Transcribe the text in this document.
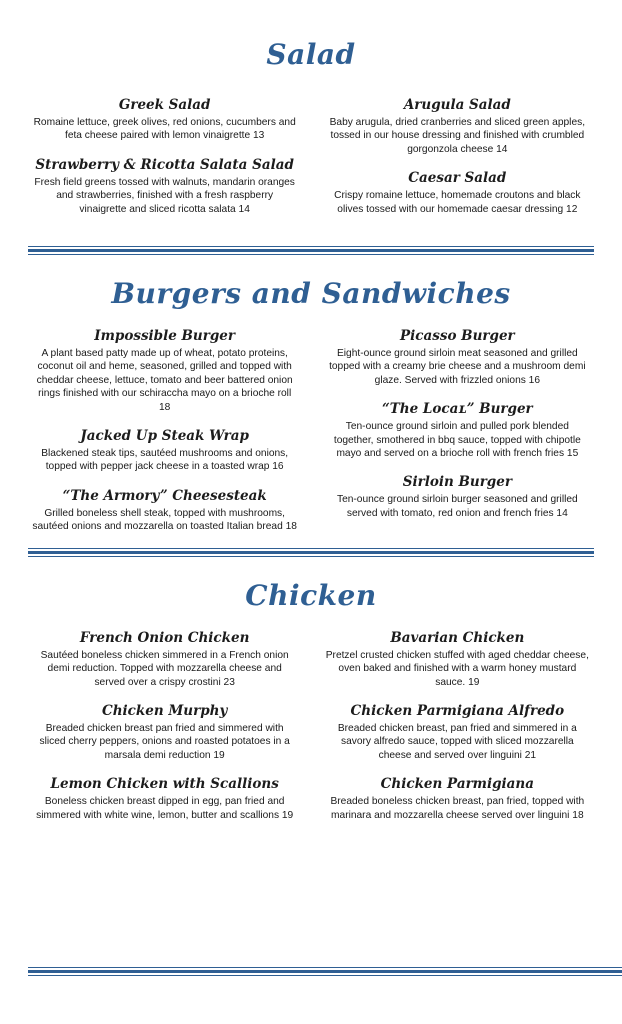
Salad

Greek Salad

Romaine lettuce, greek olives, red onions, cucumbers and feta cheese paired with lemon vinaigrette 13

Strawberry & Ricotta Salata Salad

Fresh field greens tossed with walnuts, mandarin oranges and strawberries, finished with a fresh raspberry vinaigrette and sliced ricotta salata 14

Arugula Salad

Baby arugula, dried cranberries and sliced green apples, tossed in our house dressing and finished with crumbled gorgonzola cheese 14

Caesar Salad

Crispy romaine lettuce, homemade croutons and black olives tossed with our homemade caesar dressing 12

Burgers and Sandwiches

Impossible Burger

A plant based patty made up of wheat, potato proteins, coconut oil and heme, seasoned, grilled and topped with cheddar cheese, lettuce, tomato and beer battered onion rings finished with our schiraccha mayo on a brioche roll 18

Jacked Up Steak Wrap

Blackened steak tips, sautéed mushrooms and onions, topped with pepper jack cheese in a toasted wrap 16

“The Armory” Cheesesteak

Grilled boneless shell steak, topped with mushrooms, sautéed onions and mozzarella on toasted Italian bread 18

Picasso Burger

Eight-ounce ground sirloin meat seasoned and grilled topped with a creamy brie cheese and a mushroom demi glaze. Served with frizzled onions 16

“The Locaʟ” Burger

Ten-ounce ground sirloin and pulled pork blended together, smothered in bbq sauce, topped with chipotle mayo and served on a brioche roll with french fries 15

Sirloin Burger

Ten-ounce ground sirloin burger seasoned and grilled served with tomato, red onion and french fries 14

Chicken

French Onion Chicken

Sautéed boneless chicken simmered in a French onion demi reduction. Topped with mozzarella cheese and served over a crispy crostini 23

Chicken Murphy

Breaded chicken breast pan fried and simmered with sliced cherry peppers, onions and roasted potatoes in a marsala demi reduction 19

Lemon Chicken with Scallions

Boneless chicken breast dipped in egg, pan fried and simmered with white wine, lemon, butter and scallions 19

Bavarian Chicken

Pretzel crusted chicken stuffed with aged cheddar cheese, oven baked and finished with a warm honey mustard sauce. 19

Chicken Parmigiana Alfredo

Breaded chicken breast, pan fried and simmered in a savory alfredo sauce, topped with sliced mozzarella cheese and served over linguini 21

Chicken Parmigiana

Breaded boneless chicken breast, pan fried, topped with marinara and mozzarella cheese served over linguini 18
